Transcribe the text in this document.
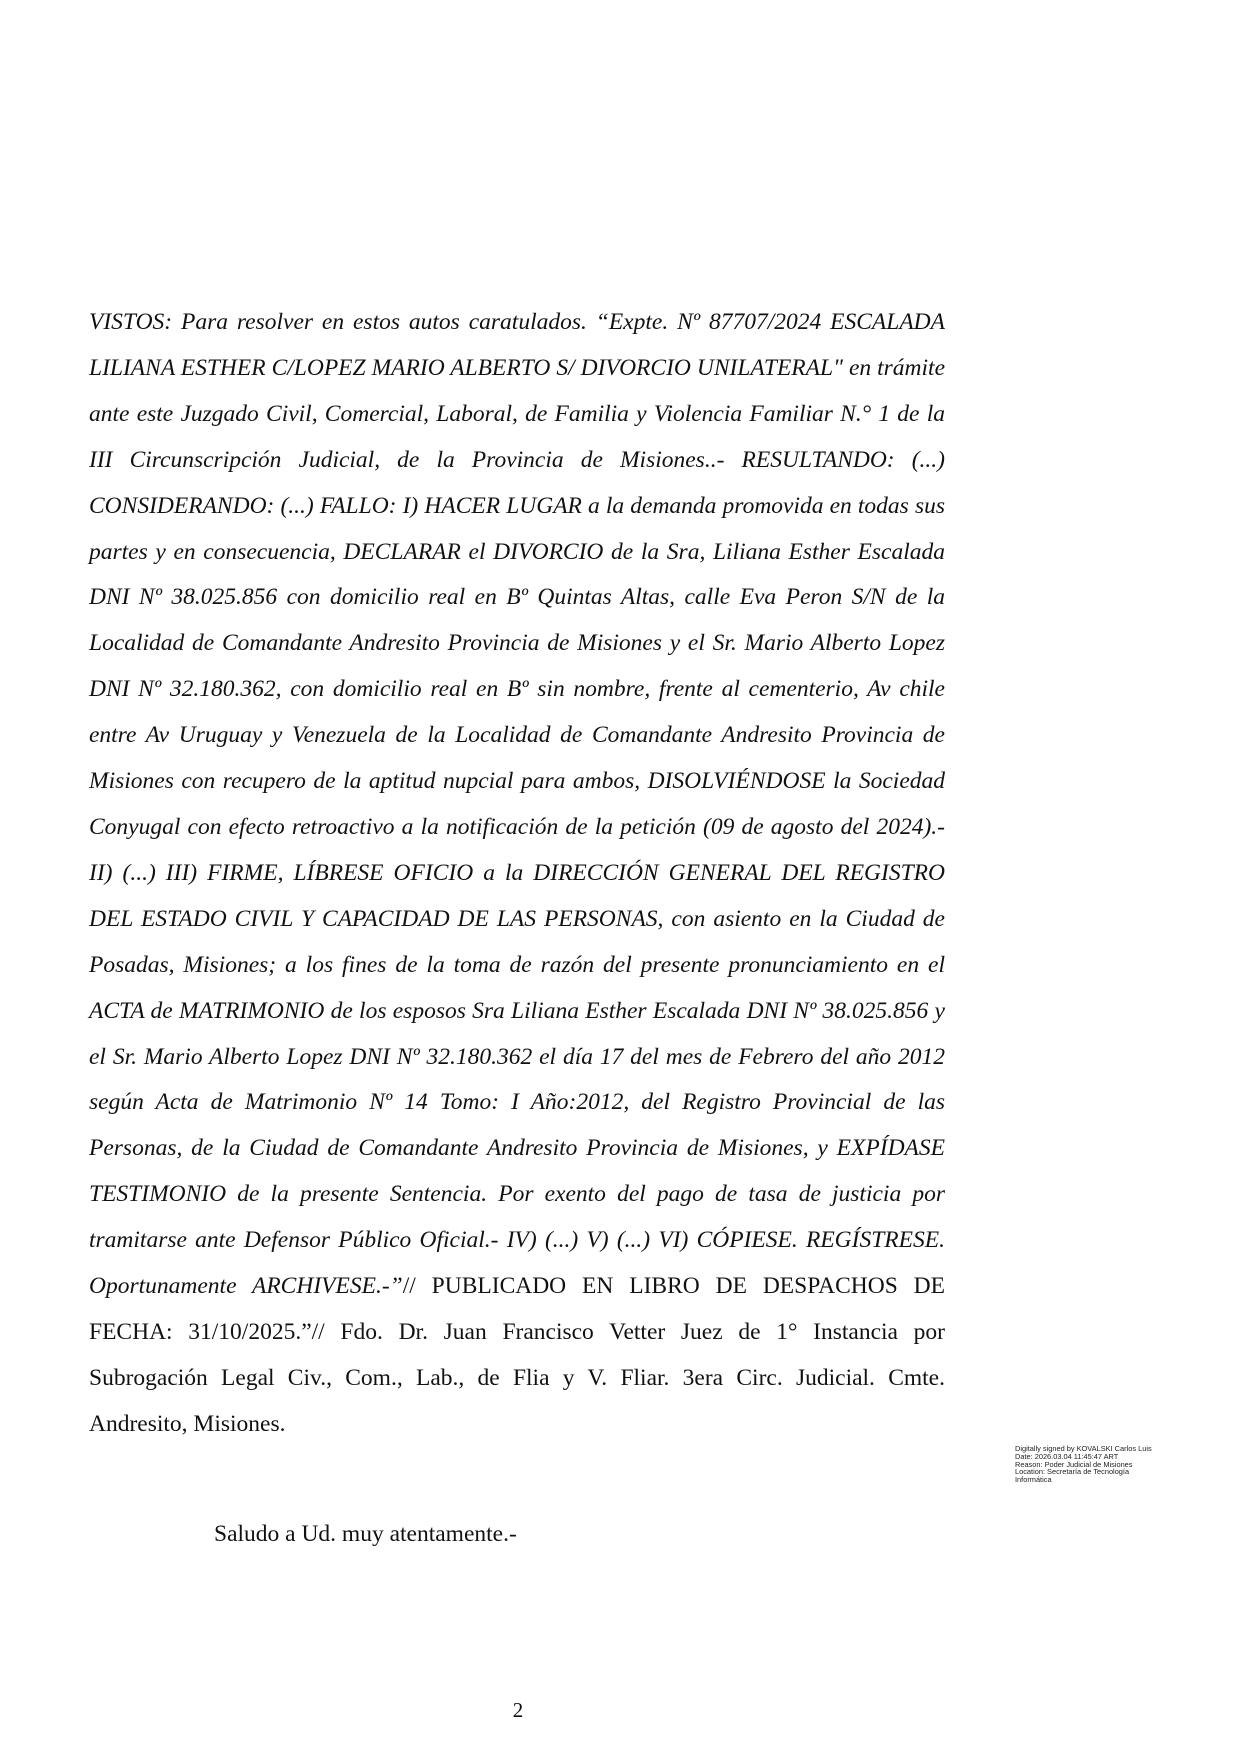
VISTOS: Para resolver en estos autos caratulados. “Expte. Nº 87707/2024 ESCALADA LILIANA ESTHER C/LOPEZ MARIO ALBERTO S/ DIVORCIO UNILATERAL" en trámite ante este Juzgado Civil, Comercial, Laboral, de Familia y Violencia Familiar N.° 1 de la III Circunscripción Judicial, de la Provincia de Misiones..- RESULTANDO: (...) CONSIDERANDO: (...) FALLO: I) HACER LUGAR a la demanda promovida en todas sus partes y en consecuencia, DECLARAR el DIVORCIO de la Sra, Liliana Esther Escalada DNI Nº 38.025.856 con domicilio real en Bº Quintas Altas, calle Eva Peron S/N de la Localidad de Comandante Andresito Provincia de Misiones y el Sr. Mario Alberto Lopez DNI Nº 32.180.362, con domicilio real en Bº sin nombre, frente al cementerio, Av chile entre Av Uruguay y Venezuela de la Localidad de Comandante Andresito Provincia de Misiones con recupero de la aptitud nupcial para ambos, DISOLVIÉNDOSE la Sociedad Conyugal con efecto retroactivo a la notificación de la petición (09 de agosto del 2024).- II) (...) III) FIRME, LÍBRESE OFICIO a la DIRECCIÓN GENERAL DEL REGISTRO DEL ESTADO CIVIL Y CAPACIDAD DE LAS PERSONAS, con asiento en la Ciudad de Posadas, Misiones; a los fines de la toma de razón del presente pronunciamiento en el ACTA de MATRIMONIO de los esposos Sra Liliana Esther Escalada DNI Nº 38.025.856 y el Sr. Mario Alberto Lopez DNI Nº 32.180.362 el día 17 del mes de Febrero del año 2012 según Acta de Matrimonio Nº 14 Tomo: I Año:2012, del Registro Provincial de las Personas, de la Ciudad de Comandante Andresito Provincia de Misiones, y EXPÍDASE TESTIMONIO de la presente Sentencia. Por exento del pago de tasa de justicia por tramitarse ante Defensor Público Oficial.- IV) (...) V) (...) VI) CÓPIESE. REGÍSTRESE. Oportunamente ARCHIVESE.-”// PUBLICADO EN LIBRO DE DESPACHOS DE FECHA: 31/10/2025.”// Fdo. Dr. Juan Francisco Vetter Juez de 1° Instancia por Subrogación Legal Civ., Com., Lab., de Flia y V. Fliar. 3era Circ. Judicial. Cmte. Andresito, Misiones.

Saludo a Ud. muy atentamente.-
Digitally signed by KOVALSKI Carlos Luis
Date: 2026.03.04 11:45:47 ART
Reason: Poder Judicial de Misiones
Location: Secretaría de Tecnología
Informática
2
